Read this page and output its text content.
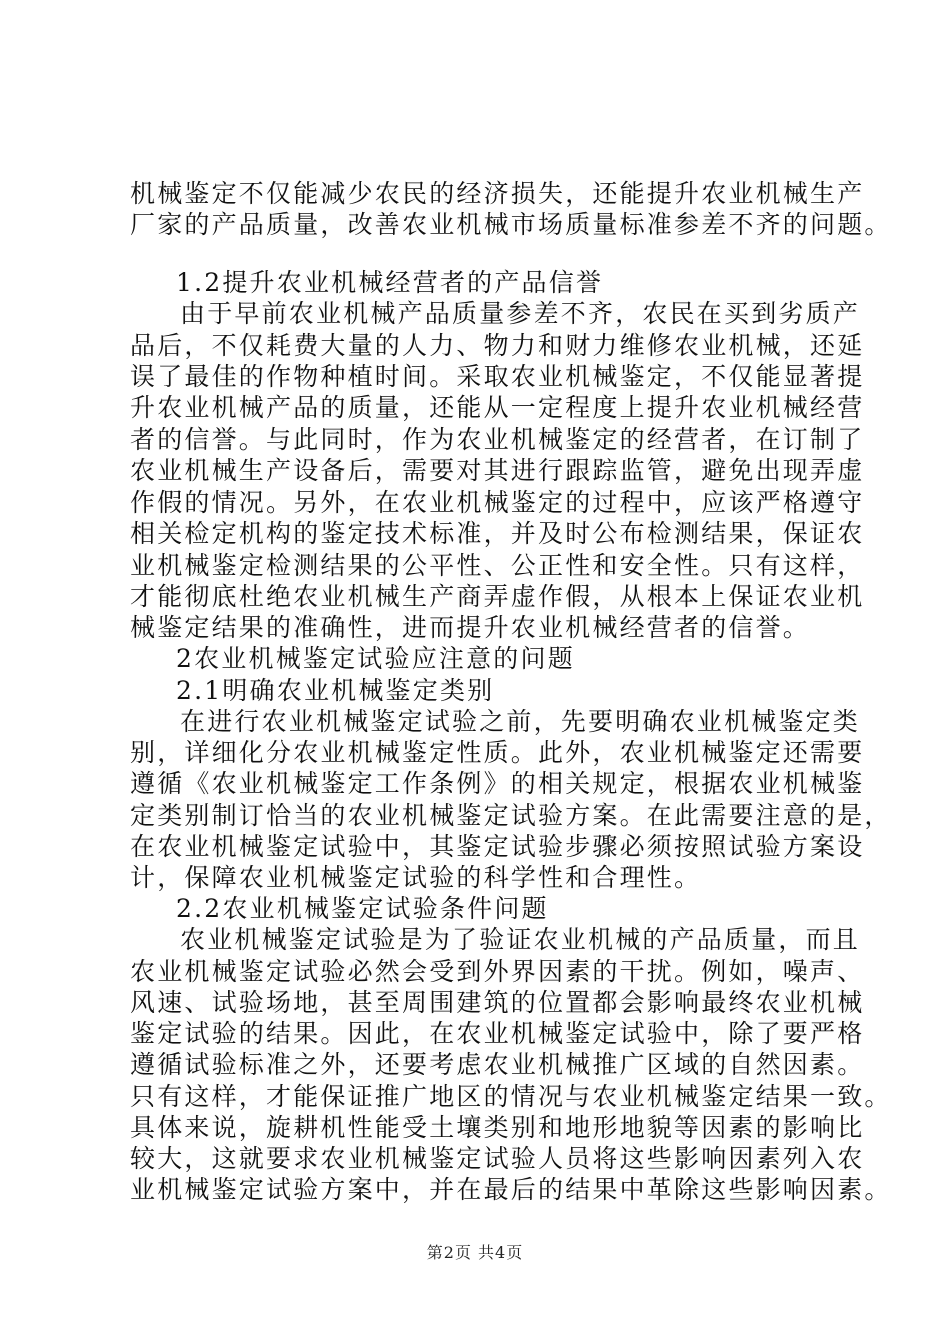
机械鉴定不仅能减少农民的经济损失，还能提升农业机械生产
厂家的产品质量，改善农业机械市场质量标准参差不齐的问题。
1.2提升农业机械经营者的产品信誉
由于早前农业机械产品质量参差不齐，农民在买到劣质产
品后，不仅耗费大量的人力、物力和财力维修农业机械，还延
误了最佳的作物种植时间。采取农业机械鉴定，不仅能显著提
升农业机械产品的质量，还能从一定程度上提升农业机械经营
者的信誉。与此同时，作为农业机械鉴定的经营者，在订制了
农业机械生产设备后，需要对其进行跟踪监管，避免出现弄虚
作假的情况。另外，在农业机械鉴定的过程中，应该严格遵守
相关检定机构的鉴定技术标准，并及时公布检测结果，保证农
业机械鉴定检测结果的公平性、公正性和安全性。只有这样，
才能彻底杜绝农业机械生产商弄虚作假，从根本上保证农业机
械鉴定结果的准确性，进而提升农业机械经营者的信誉。
2农业机械鉴定试验应注意的问题
2.1明确农业机械鉴定类别
在进行农业机械鉴定试验之前，先要明确农业机械鉴定类
别，详细化分农业机械鉴定性质。此外，农业机械鉴定还需要
遵循《农业机械鉴定工作条例》的相关规定，根据农业机械鉴
定类别制订恰当的农业机械鉴定试验方案。在此需要注意的是，
在农业机械鉴定试验中，其鉴定试验步骤必须按照试验方案设
计，保障农业机械鉴定试验的科学性和合理性。
2.2农业机械鉴定试验条件问题
农业机械鉴定试验是为了验证农业机械的产品质量，而且
农业机械鉴定试验必然会受到外界因素的干扰。例如，噪声、
风速、试验场地，甚至周围建筑的位置都会影响最终农业机械
鉴定试验的结果。因此，在农业机械鉴定试验中，除了要严格
遵循试验标准之外，还要考虑农业机械推广区域的自然因素。
只有这样，才能保证推广地区的情况与农业机械鉴定结果一致。
具体来说，旋耕机性能受土壤类别和地形地貌等因素的影响比
较大，这就要求农业机械鉴定试验人员将这些影响因素列入农
业机械鉴定试验方案中，并在最后的结果中革除这些影响因素。
第2页 共4页
